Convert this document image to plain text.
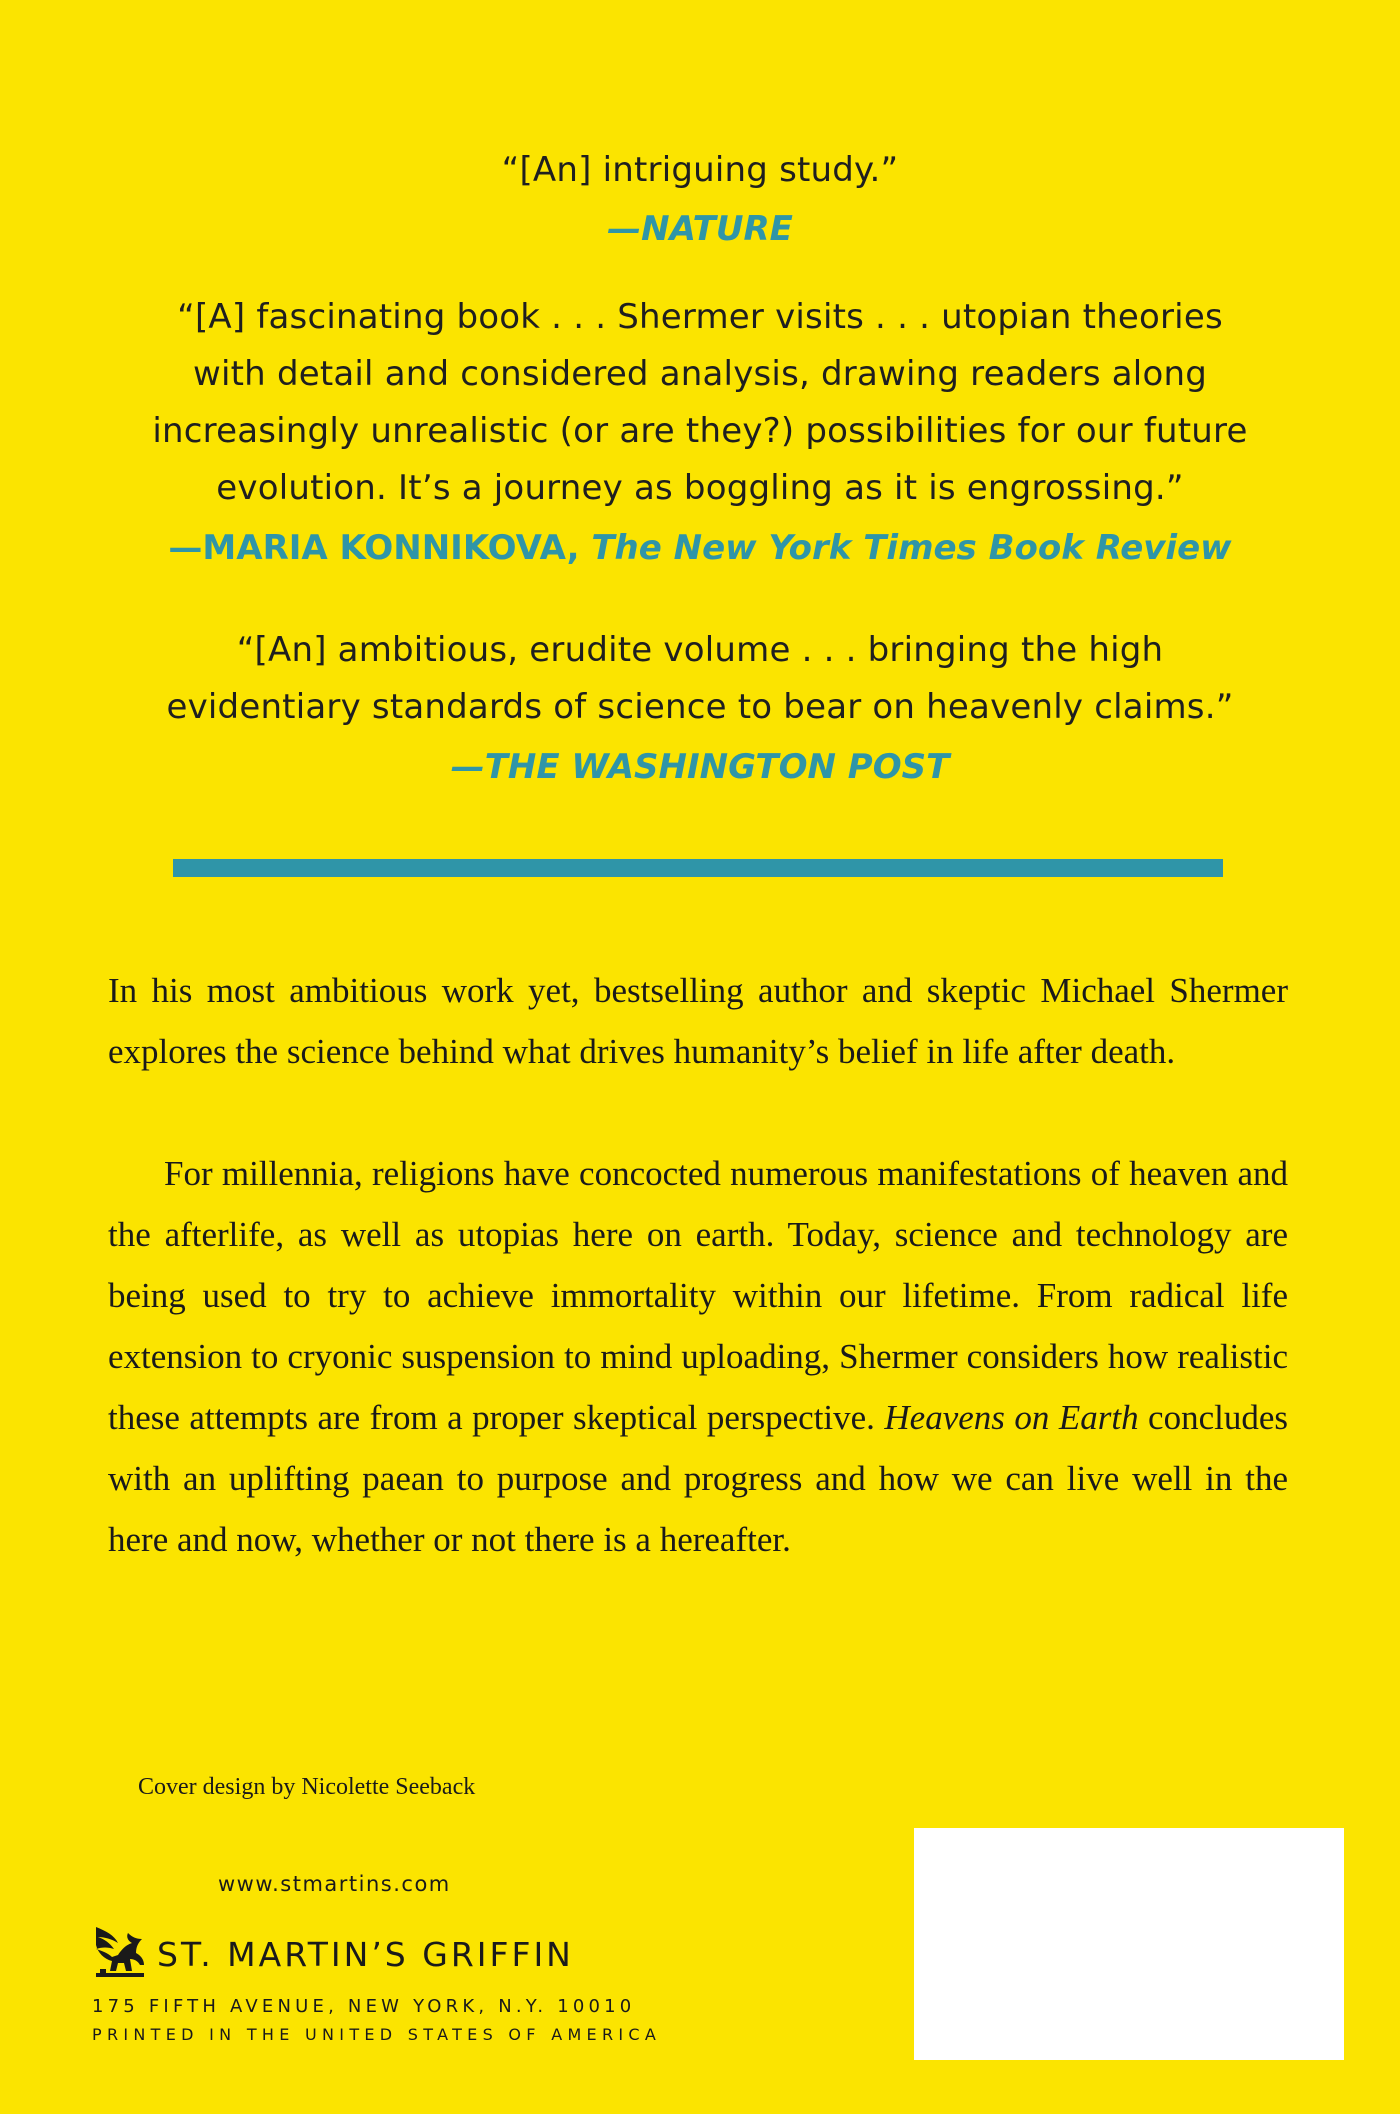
“[An] intriguing study.”
—NATURE
“[A] fascinating book . . . Shermer visits . . . utopian theories
with detail and considered analysis, drawing readers along
increasingly unrealistic (or are they?) possibilities for our future
evolution. It’s a journey as boggling as it is engrossing.”
—MARIA KONNIKOVA, The New York Times Book Review
“[An] ambitious, erudite volume . . . bringing the high
evidentiary standards of science to bear on heavenly claims.”
—THE WASHINGTON POST
In his most ambitious work yet, bestselling author and skeptic Michael Shermer explores the science behind what drives humanity’s belief in life after death.
For millennia, religions have concocted numerous manifestations of heaven and the afterlife, as well as utopias here on earth. Today, science and technology are being used to try to achieve immortality within our lifetime. From radical life extension to cryonic suspension to mind uploading, Shermer considers how realistic these attempts are from a proper skeptical perspective. Heavens on Earth concludes with an uplifting paean to purpose and progress and how we can live well in the here and now, whether or not there is a hereafter.
Cover design by Nicolette Seeback
www.stmartins.com
ST. MARTIN’S GRIFFIN
175 FIFTH AVENUE, NEW YORK, N.Y. 10010
PRINTED IN THE UNITED STATES OF AMERICA
